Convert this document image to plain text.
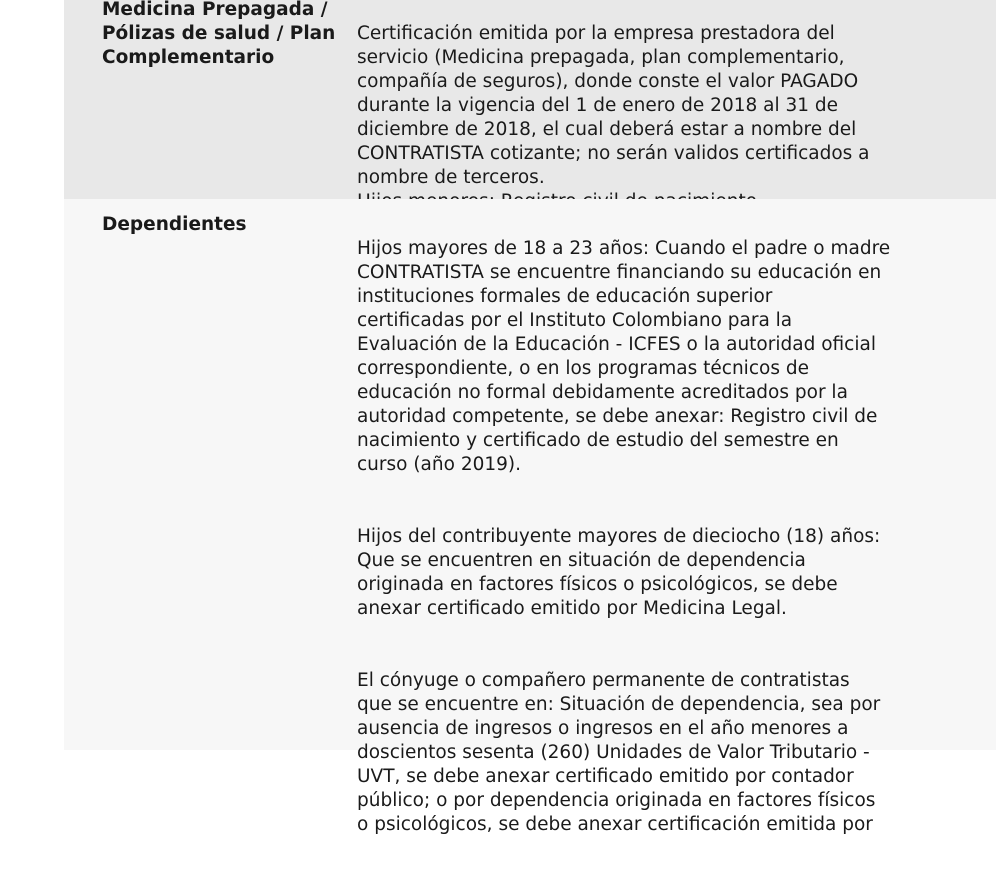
Medicina Prepagada /
Pólizas de salud / Plan
Complementario

Certificación emitida por la empresa prestadora del
servicio (Medicina prepagada, plan complementario,
compañía de seguros), donde conste el valor PAGADO
durante la vigencia del 1 de enero de 2018 al 31 de
diciembre de 2018, el cual deberá estar a nombre del
CONTRATISTA cotizante; no serán validos certificados a
nombre de terceros.

Dependientes

Hijos mayores de 18 a 23 años: Cuando el padre o madre
CONTRATISTA se encuentre financiando su educación en
instituciones formales de educación superior
certificadas por el Instituto Colombiano para la
Evaluación de la Educación - ICFES o la autoridad oficial
correspondiente, o en los programas técnicos de
educación no formal debidamente acreditados por la
autoridad competente, se debe anexar: Registro civil de
nacimiento y certificado de estudio del semestre en
curso (año 2019).

Hijos del contribuyente mayores de dieciocho (18) años:
Que se encuentren en situación de dependencia
originada en factores físicos o psicológicos, se debe
anexar certificado emitido por Medicina Legal.

El cónyuge o compañero permanente de contratistas
que se encuentre en: Situación de dependencia, sea por
ausencia de ingresos o ingresos en el año menores a
doscientos sesenta (260) Unidades de Valor Tributario -
UVT, se debe anexar certificado emitido por contador
público; o por dependencia originada en factores físicos
o psicológicos, se debe anexar certificación emitida por
